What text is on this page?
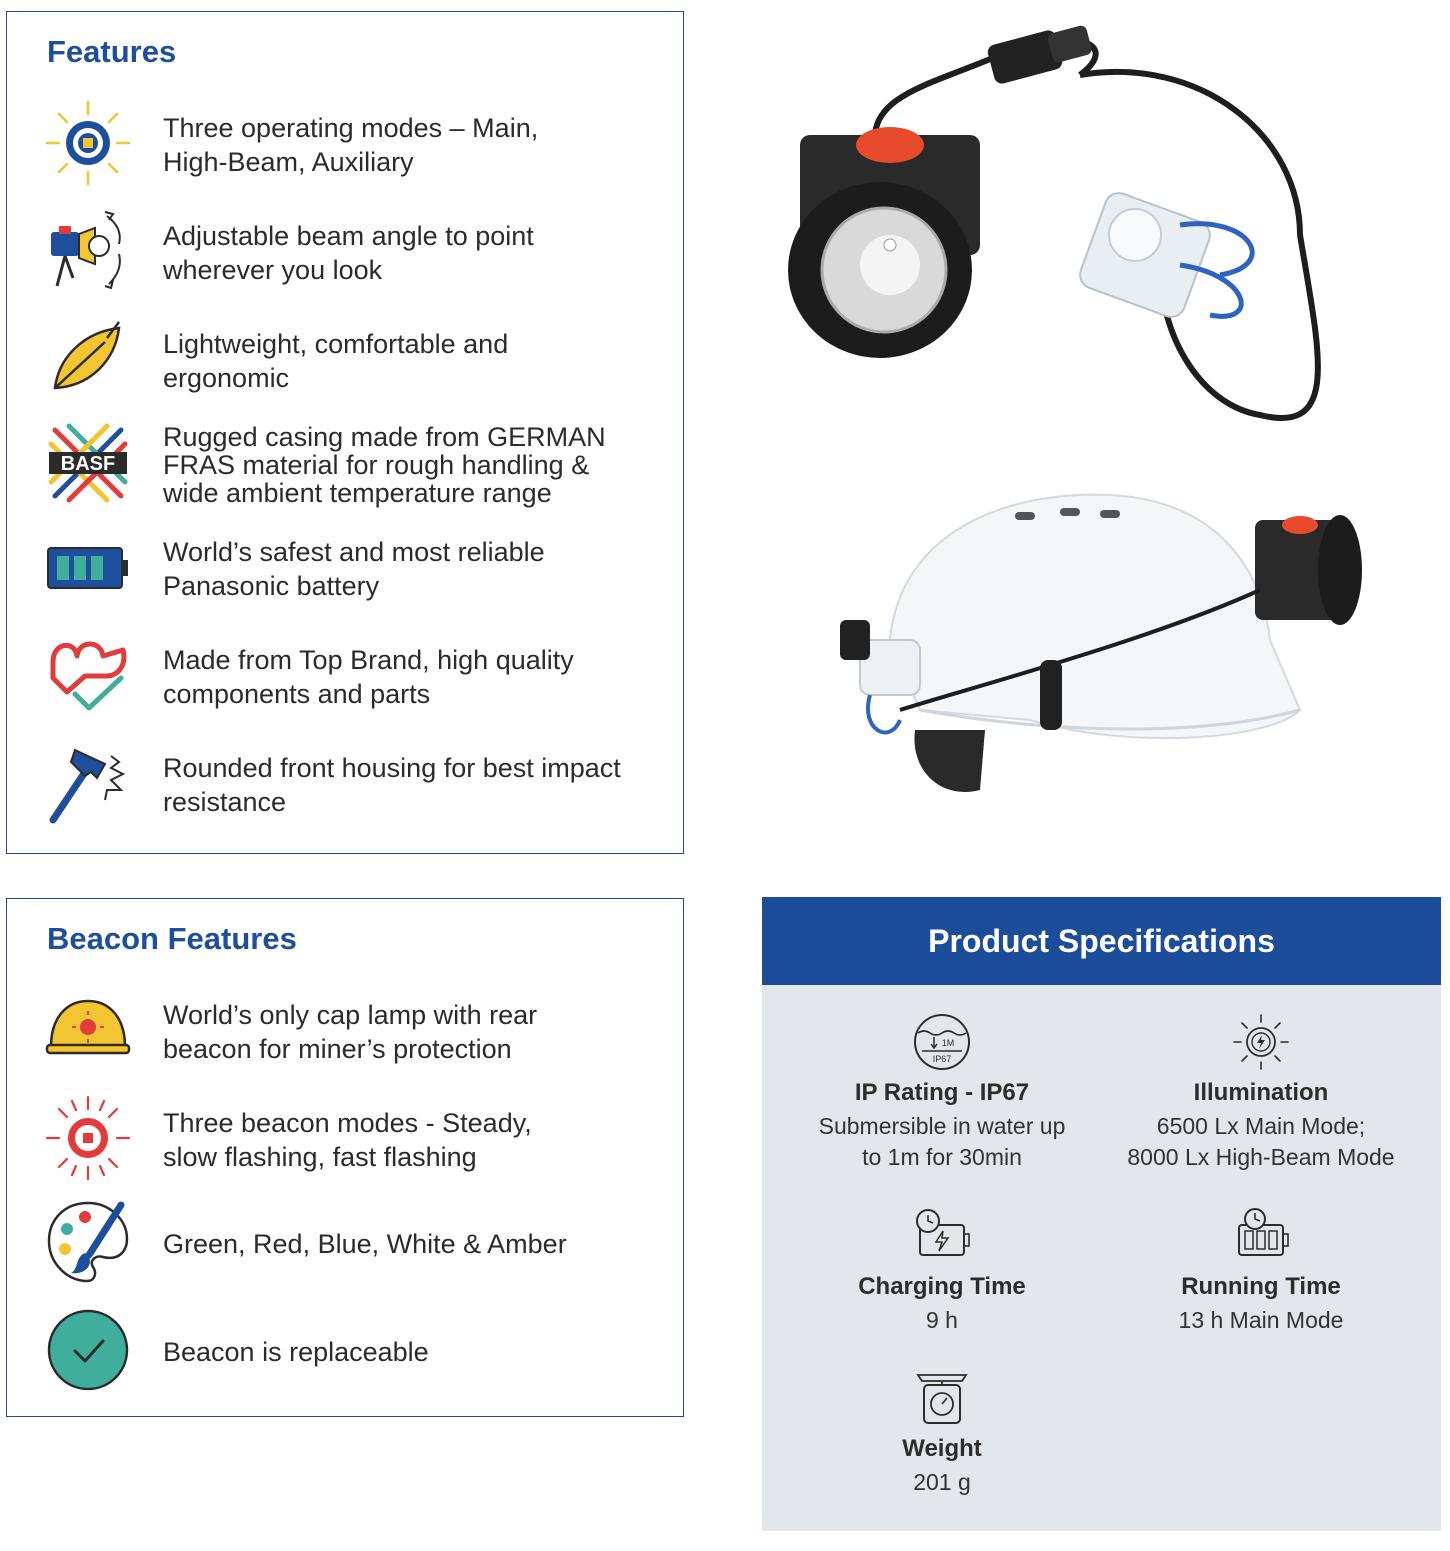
Features
Three operating modes – Main,
High-Beam, Auxiliary
Adjustable beam angle to point
wherever you look
Lightweight, comfortable and
ergonomic
BASF
Rugged casing made from GERMAN
FRAS material for rough handling &
wide ambient temperature range
World’s safest and most reliable
Panasonic battery
Made from Top Brand, high quality
components and parts
Rounded front housing for best impact
resistance
Beacon Features
World’s only cap lamp with rear
beacon for miner’s protection
Three beacon modes - Steady,
slow flashing, fast flashing
Green, Red, Blue, White & Amber
Beacon is replaceable
Product Specifications
1M
IP67
IP Rating - IP67
Submersible in water up
to 1m for 30min
Illumination
6500 Lx Main Mode;
8000 Lx High-Beam Mode
Charging Time
9 h
Running Time
13 h Main Mode
Weight
201 g
